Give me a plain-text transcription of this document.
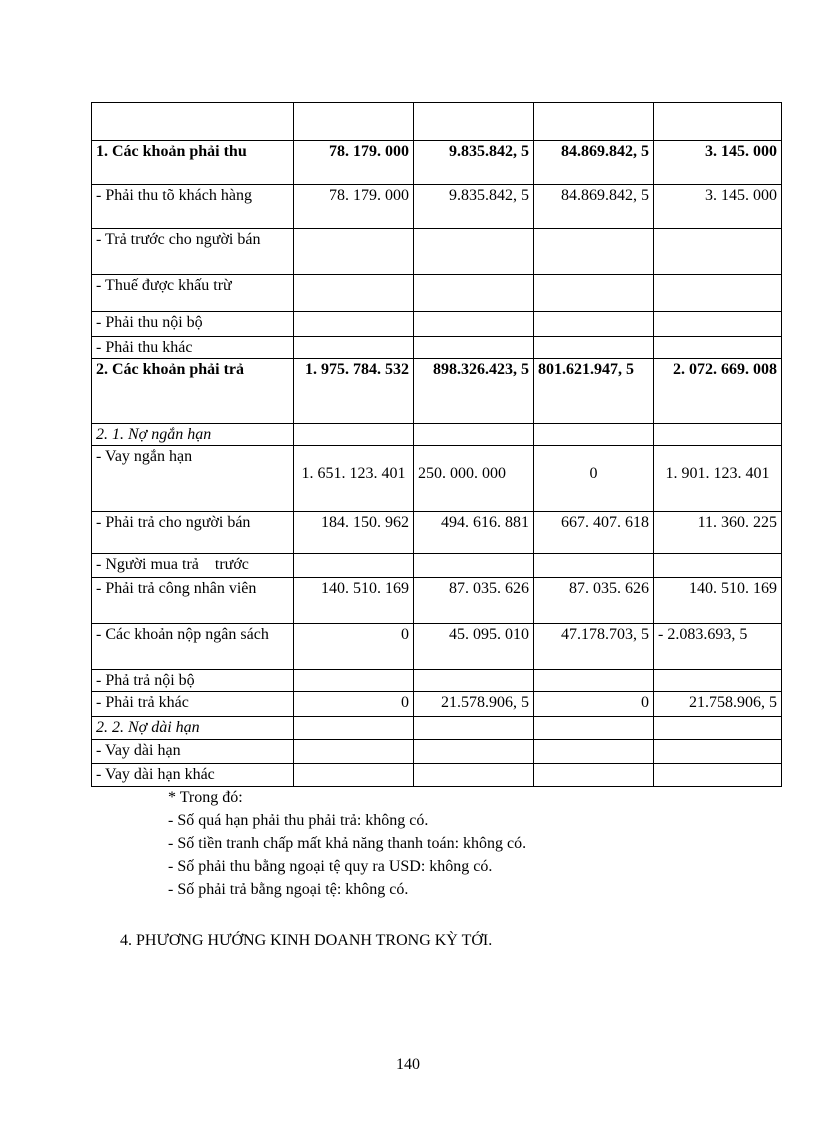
1. Các khoản phải thu	78. 179. 000	9.835.842, 5	84.869.842, 5	3. 145. 000
- Phải thu tõ khách hàng	78. 179. 000	9.835.842, 5	84.869.842, 5	3. 145. 000
- Trả trước cho người bán				
- Thuế được khấu trừ				
- Phải thu nội bộ				
- Phải thu khác				
2. Các khoản phải trả	1. 975. 784. 532	898.326.423, 5	801.621.947, 5	2. 072. 669. 008
2. 1. Nợ ngắn hạn				
- Vay ngắn hạn	1. 651. 123. 401	250. 000. 000	0	1. 901. 123. 401
- Phải trả cho người bán	184. 150. 962	494. 616. 881	667. 407. 618	11. 360. 225
- Người mua trả    trước				
- Phải trả công nhân viên	140. 510. 169	87. 035. 626	87. 035. 626	140. 510. 169
- Các khoản nộp ngân sách	0	45. 095. 010	47.178.703, 5	- 2.083.693, 5
- Phả trả nội bộ				
- Phải trả khác	0	21.578.906, 5	0	21.758.906, 5
2. 2. Nợ dài hạn				
- Vay dài hạn				
- Vay dài hạn khác				
* Trong đó:
- Số quá hạn phải thu phải trả: không có.
- Số tiền tranh chấp mất khả năng thanh toán: không có.
- Số phải thu bằng ngoại tệ quy ra USD: không có.
- Số phải trả bằng ngoại tệ: không có.
4. PHƯƠNG HƯỚNG KINH DOANH TRONG KỲ TỚI.
140
